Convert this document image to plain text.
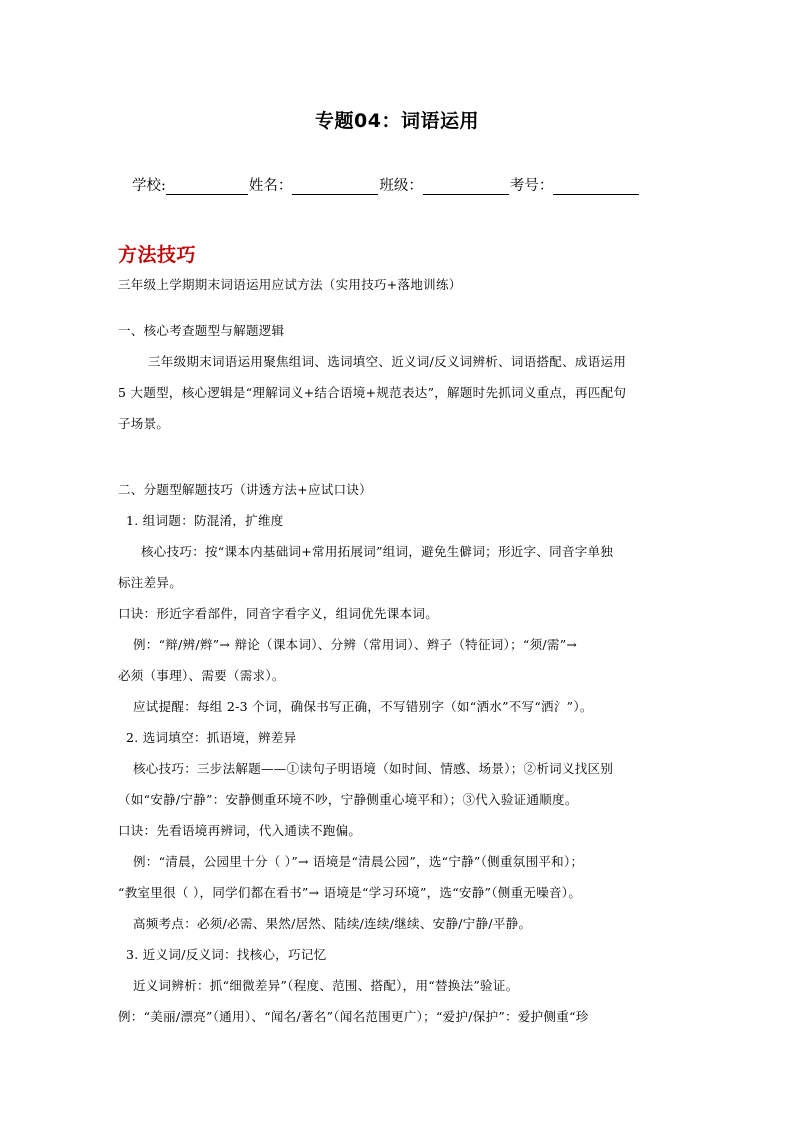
专题04：词语运用
学校:	姓名：	班级：	考号：
方法技巧
三年级上学期期末词语运用应试方法（实用技巧+落地训练）
一、核心考查题型与解题逻辑
三年级期末词语运用聚焦组词、选词填空、近义词/反义词辨析、词语搭配、成语运用
5 大题型，核心逻辑是“理解词义+结合语境+规范表达”，解题时先抓词义重点，再匹配句
子场景。
二、分题型解题技巧（讲透方法+应试口诀）
1. 组词题：防混淆，扩维度
核心技巧：按“课本内基础词+常用拓展词”组词，避免生僻词；形近字、同音字单独
标注差异。
口诀：形近字看部件，同音字看字义，组词优先课本词。
例：“辩/辨/辫”→ 辩论（课本词）、分辨（常用词）、辫子（特征词）；“须/需”→
必须（事理）、需要（需求）。
应试提醒：每组 2-3 个词，确保书写正确，不写错别字（如“洒水”不写“洒氵”）。
2. 选词填空：抓语境，辨差异
核心技巧：三步法解题——①读句子明语境（如时间、情感、场景）；②析词义找区别
（如“安静/宁静”：安静侧重环境不吵，宁静侧重心境平和）；③代入验证通顺度。
口诀：先看语境再辨词，代入通读不跑偏。
例：“清晨，公园里十分（ ）”→ 语境是“清晨公园”，选“宁静”（侧重氛围平和）；
“教室里很（ ），同学们都在看书”→ 语境是“学习环境”，选“安静”（侧重无噪音）。
高频考点：必须/必需、果然/居然、陆续/连续/继续、安静/宁静/平静。
3. 近义词/反义词：找核心，巧记忆
近义词辨析：抓“细微差异”（程度、范围、搭配），用“替换法”验证。
例：“美丽/漂亮”（通用）、“闻名/著名”（闻名范围更广）；“爱护/保护”：爱护侧重“珍
